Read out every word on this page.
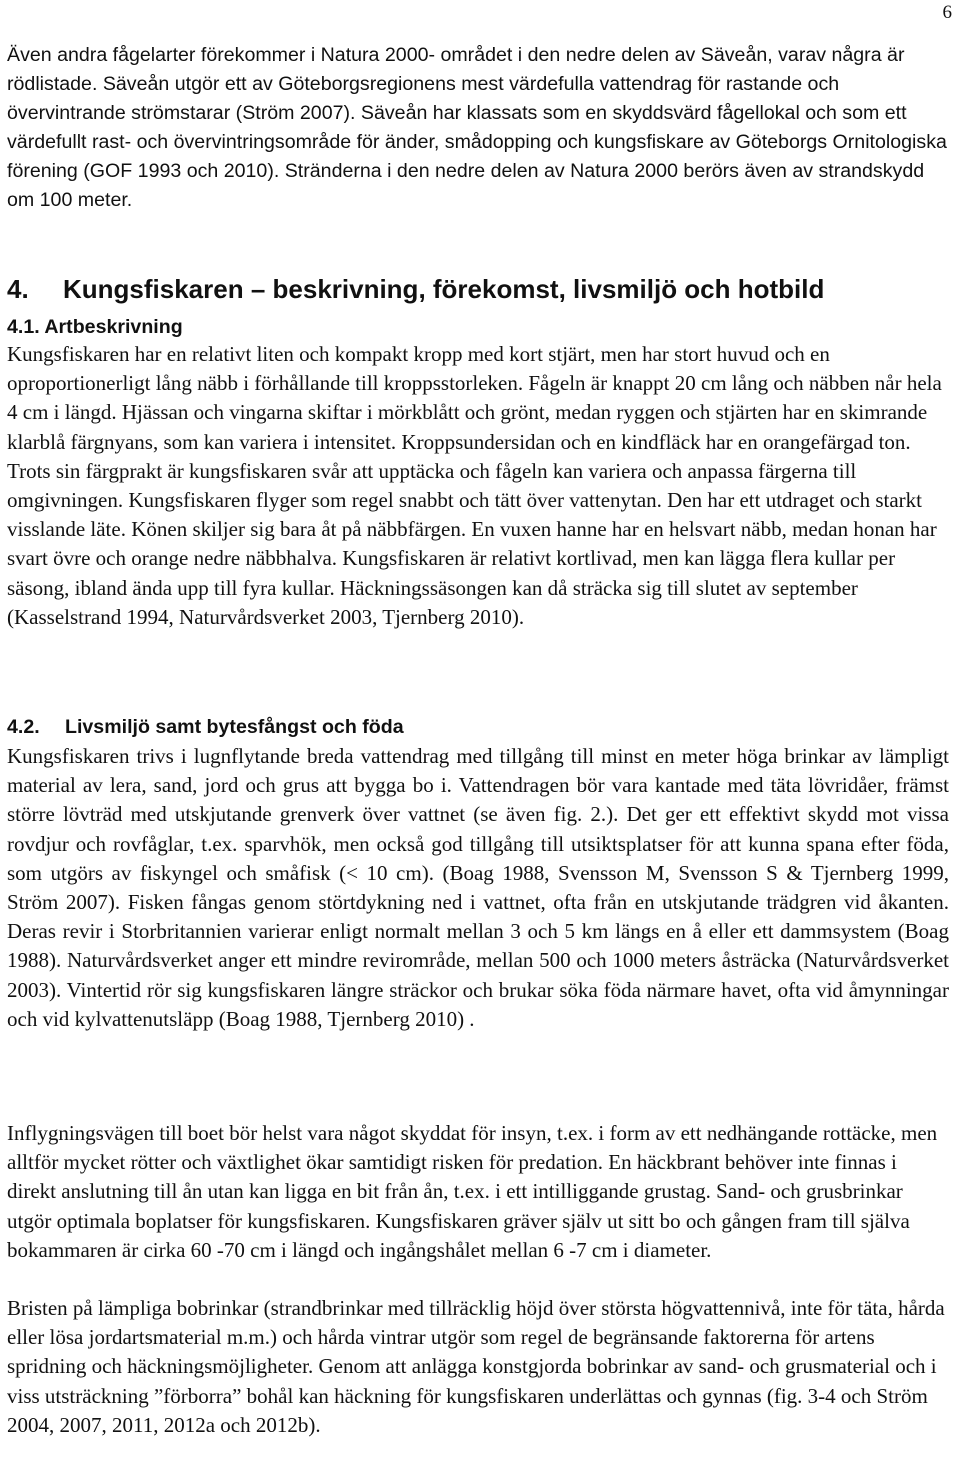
6

Även andra fågelarter förekommer i Natura 2000- området i den nedre delen av Säveån, varav några är rödlistade. Säveån utgör ett av Göteborgsregionens mest värdefulla vattendrag för rastande och övervintrande strömstarar (Ström 2007). Säveån har klassats som en skyddsvärd fågellokal och som ett värdefullt rast- och övervintringsområde för änder, smådopping och kungsfiskare av Göteborgs Ornitologiska förening (GOF 1993 och 2010). Stränderna i den nedre delen av Natura 2000 berörs även av strandskydd om 100 meter.

4. Kungsfiskaren – beskrivning, förekomst, livsmiljö och hotbild
4.1. Artbeskrivning

Kungsfiskaren har en relativt liten och kompakt kropp med kort stjärt, men har stort huvud och en oproportionerligt lång näbb i förhållande till kroppsstorleken. Fågeln är knappt 20 cm lång och näbben når hela 4 cm i längd. Hjässan och vingarna skiftar i mörkblått och grönt, medan ryggen och stjärten har en skimrande klarblå färgnyans, som kan variera i intensitet. Kroppsundersidan och en kindfläck har en orangefärgad ton. Trots sin färgprakt är kungsfiskaren svår att upptäcka och fågeln kan variera och anpassa färgerna till omgivningen. Kungsfiskaren flyger som regel snabbt och tätt över vattenytan. Den har ett utdraget och starkt visslande läte. Könen skiljer sig bara åt på näbbfärgen. En vuxen hanne har en helsvart näbb, medan honan har svart övre och orange nedre näbbhalva. Kungsfiskaren är relativt kortlivad, men kan lägga flera kullar per säsong, ibland ända upp till fyra kullar. Häckningssäsongen kan då sträcka sig till slutet av september (Kasselstrand 1994, Naturvårdsverket 2003, Tjernberg 2010).

4.2. Livsmiljö samt bytesfångst och föda

Kungsfiskaren trivs i lugnflytande breda vattendrag med tillgång till minst en meter höga brinkar av lämpligt material av lera, sand, jord och grus att bygga bo i. Vattendragen bör vara kantade med täta lövridåer, främst större lövträd med utskjutande grenverk över vattnet (se även fig. 2.). Det ger ett effektivt skydd mot vissa rovdjur och rovfåglar, t.ex. sparvhök, men också god tillgång till utsiktsplatser för att kunna spana efter föda, som utgörs av fiskyngel och småfisk (< 10 cm). (Boag 1988, Svensson M, Svensson S & Tjernberg 1999, Ström 2007). Fisken fångas genom störtdykning ned i vattnet, ofta från en utskjutande trädgren vid åkanten. Deras revir i Storbritannien varierar enligt normalt mellan 3 och 5 km längs en å eller ett dammsystem (Boag 1988). Naturvårdsverket anger ett mindre revirområde, mellan 500 och 1000 meters åsträcka (Naturvårdsverket 2003). Vintertid rör sig kungsfiskaren längre sträckor och brukar söka föda närmare havet, ofta vid åmynningar och vid kylvattenutsläpp (Boag 1988, Tjernberg 2010) .

Inflygningsvägen till boet bör helst vara något skyddat för insyn, t.ex. i form av ett nedhängande rottäcke, men alltför mycket rötter och växtlighet ökar samtidigt risken för predation. En häckbrant behöver inte finnas i direkt anslutning till ån utan kan ligga en bit från ån, t.ex. i ett intilliggande grustag. Sand- och grusbrinkar utgör optimala boplatser för kungsfiskaren. Kungsfiskaren gräver själv ut sitt bo och gången fram till själva bokammaren är cirka 60 -70 cm i längd och ingångshålet mellan 6 -7 cm i diameter.

Bristen på lämpliga bobrinkar (strandbrinkar med tillräcklig höjd över största högvattennivå, inte för täta, hårda eller lösa jordartsmaterial m.m.) och hårda vintrar utgör som regel de begränsande faktorerna för artens spridning och häckningsmöjligheter. Genom att anlägga konstgjorda bobrinkar av sand- och grusmaterial och i viss utsträckning ”förborra” bohål kan häckning för kungsfiskaren underlättas och gynnas (fig. 3-4 och Ström 2004, 2007, 2011, 2012a och 2012b).
